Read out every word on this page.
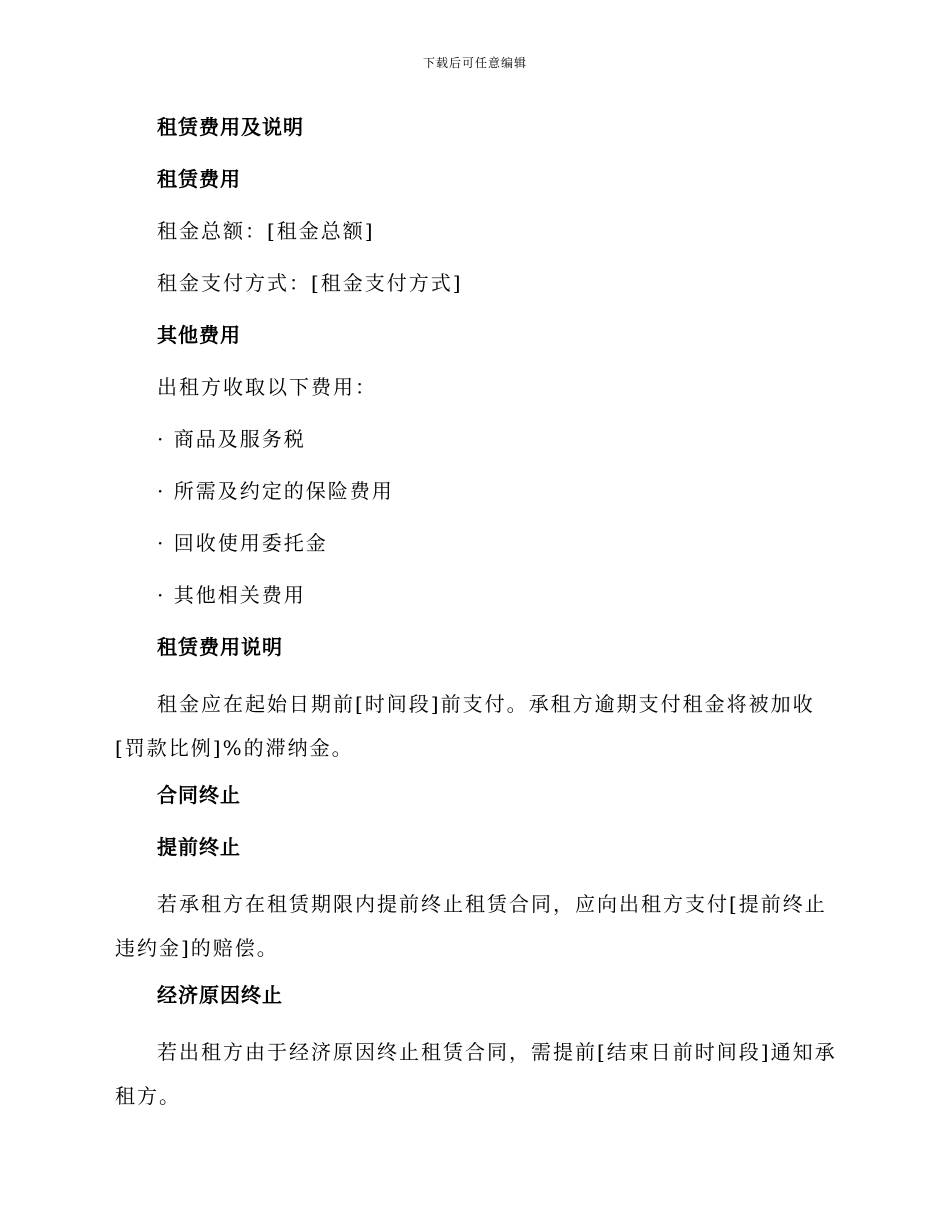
下载后可任意编辑
租赁费用及说明
租赁费用
租金总额：[租金总额]
租金支付方式：[租金支付方式]
其他费用
出租方收取以下费用：
· 商品及服务税
· 所需及约定的保险费用
· 回收使用委托金
· 其他相关费用
租赁费用说明
租金应在起始日期前[时间段]前支付。承租方逾期支付租金将被加收[罚款比例]%的滞纳金。
合同终止
提前终止
若承租方在租赁期限内提前终止租赁合同，应向出租方支付[提前终止违约金]的赔偿。
经济原因终止
若出租方由于经济原因终止租赁合同，需提前[结束日前时间段]通知承租方。
